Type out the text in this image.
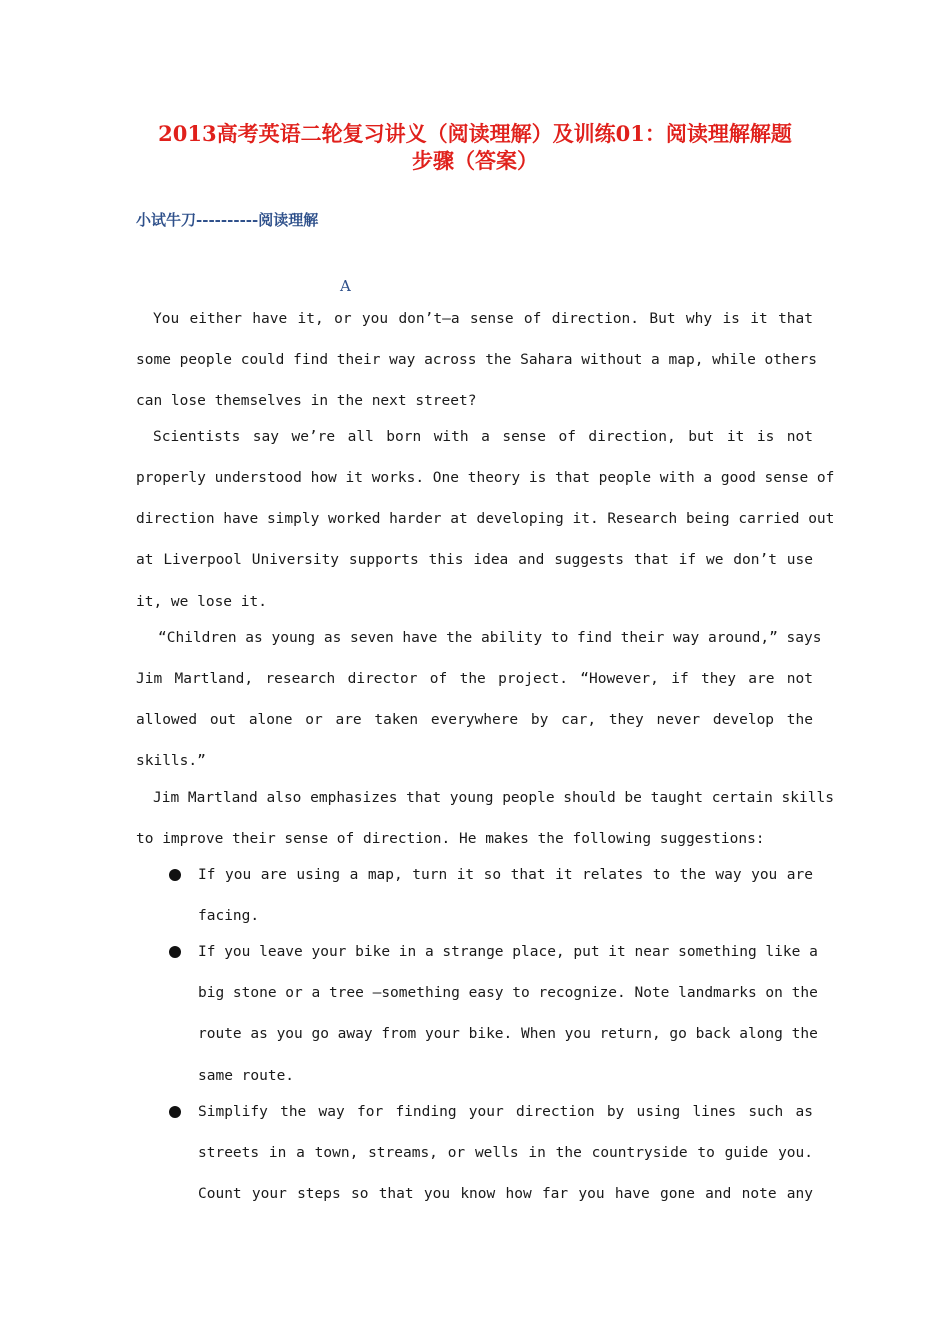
2013高考英语二轮复习讲义（阅读理解）及训练01：阅读理解解题
步骤（答案）
小试牛刀----------阅读理解
A
You either have it, or you don’t—a sense of direction. But why is it that
some people could find their way across the Sahara without a map, while others
can lose themselves in the next street?
Scientists say we’re all born with a sense of direction, but it is not
properly understood how it works. One theory is that people with a good sense of
direction have simply worked harder at developing it. Research being carried out
at Liverpool University supports this idea and suggests that if we don’t use
it, we lose it.
“Children as young as seven have the ability to find their way around,” says
Jim Martland, research director of the project. “However, if they are not
allowed out alone or are taken everywhere by car, they never develop the
skills.”
Jim Martland also emphasizes that young people should be taught certain skills
to improve their sense of direction. He makes the following suggestions:
If you are using a map, turn it so that it relates to the way you are
facing.
If you leave your bike in a strange place, put it near something like a
big stone or a tree —something easy to recognize. Note landmarks on the
route as you go away from your bike. When you return, go back along the
same route.
Simplify the way for finding your direction by using lines such as
streets in a town, streams, or wells in the countryside to guide you.
Count your steps so that you know how far you have gone and note any
